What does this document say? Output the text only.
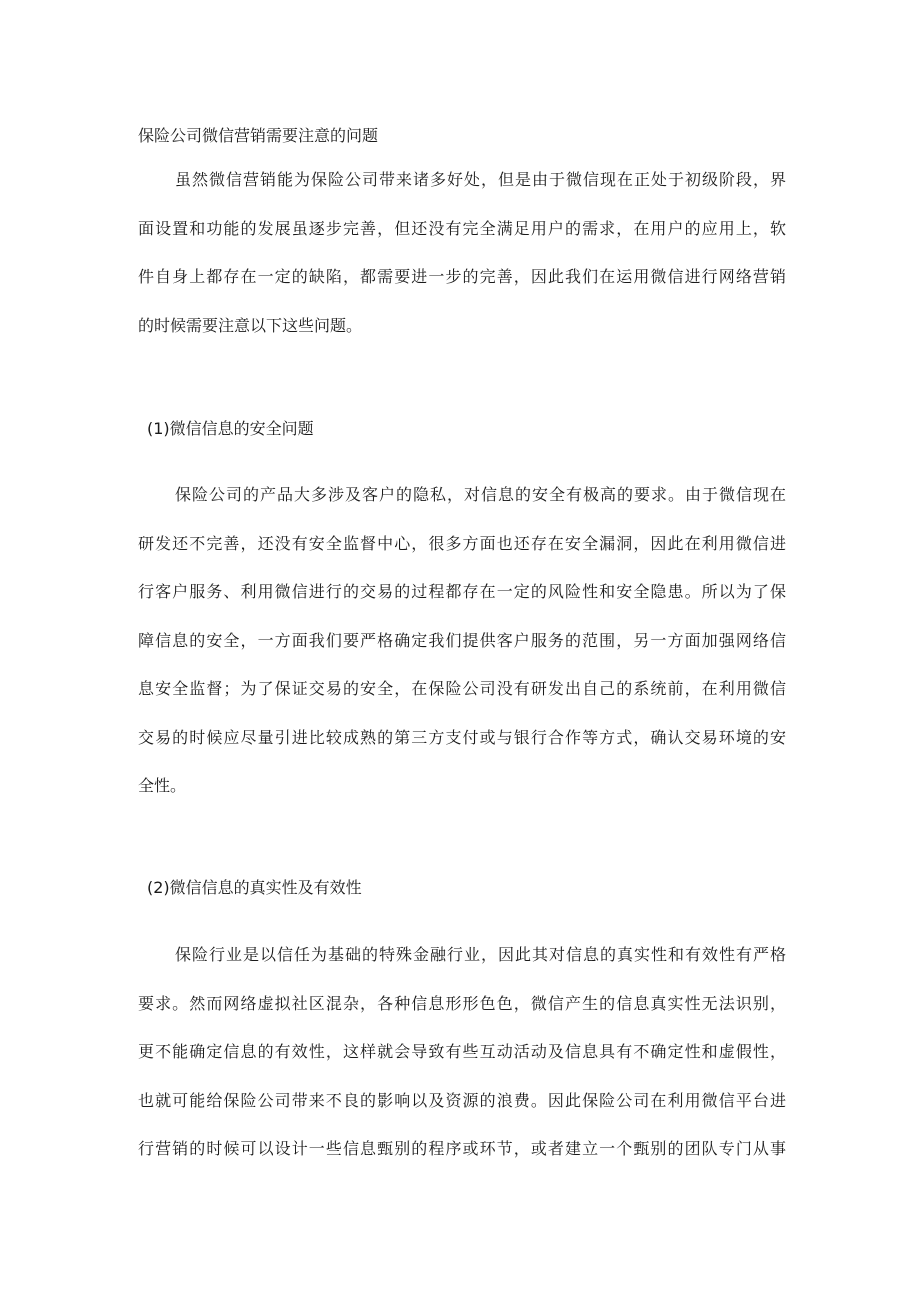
保险公司微信营销需要注意的问题
虽然微信营销能为保险公司带来诸多好处，但是由于微信现在正处于初级阶段，界
面设置和功能的发展虽逐步完善，但还没有完全满足用户的需求，在用户的应用上，软
件自身上都存在一定的缺陷，都需要进一步的完善，因此我们在运用微信进行网络营销
的时候需要注意以下这些问题。
(1)微信信息的安全问题
保险公司的产品大多涉及客户的隐私，对信息的安全有极高的要求。由于微信现在
研发还不完善，还没有安全监督中心，很多方面也还存在安全漏洞，因此在利用微信进
行客户服务、利用微信进行的交易的过程都存在一定的风险性和安全隐患。所以为了保
障信息的安全，一方面我们要严格确定我们提供客户服务的范围，另一方面加强网络信
息安全监督；为了保证交易的安全，在保险公司没有研发出自己的系统前，在利用微信
交易的时候应尽量引进比较成熟的第三方支付或与银行合作等方式，确认交易环境的安
全性。
(2)微信信息的真实性及有效性
保险行业是以信任为基础的特殊金融行业，因此其对信息的真实性和有效性有严格
要求。然而网络虚拟社区混杂，各种信息形形色色，微信产生的信息真实性无法识别，
更不能确定信息的有效性，这样就会导致有些互动活动及信息具有不确定性和虚假性，
也就可能给保险公司带来不良的影响以及资源的浪费。因此保险公司在利用微信平台进
行营销的时候可以设计一些信息甄别的程序或环节，或者建立一个甄别的团队专门从事
